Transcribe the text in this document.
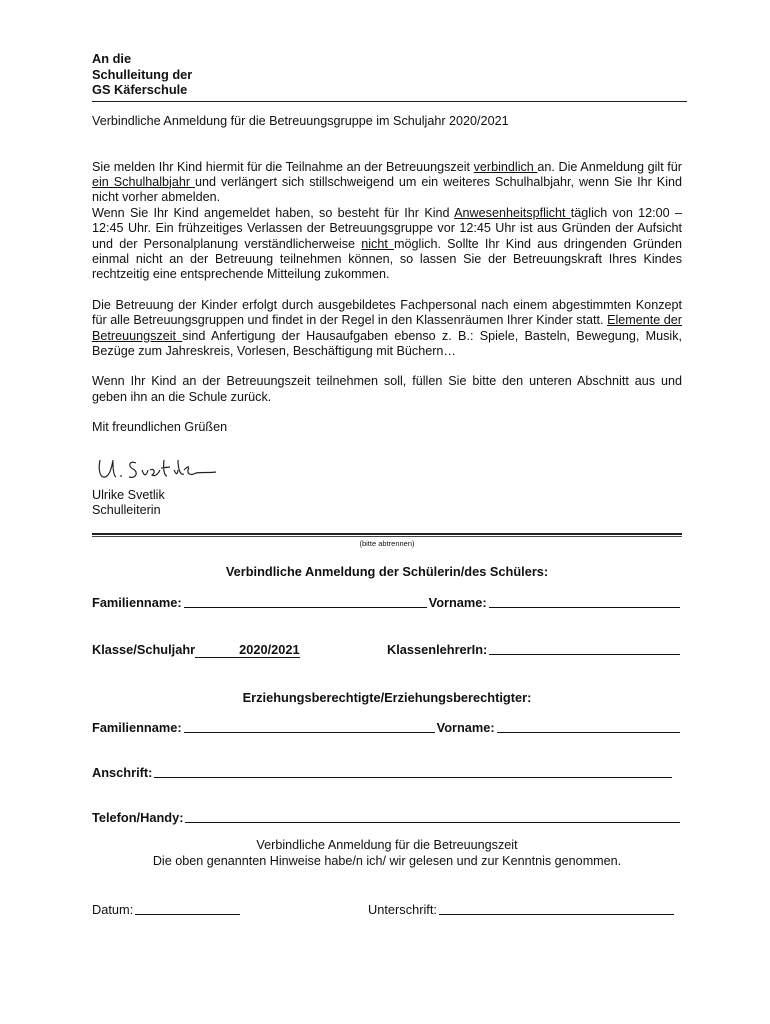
An die
Schulleitung der
GS Käferschule
Verbindliche Anmeldung für die Betreuungsgruppe im Schuljahr 2020/2021

Sie melden Ihr Kind hiermit für die Teilnahme an der Betreuungszeit verbindlich an. Die Anmeldung gilt für ein Schulhalbjahr und verlängert sich stillschweigend um ein weiteres Schulhalbjahr, wenn Sie Ihr Kind nicht vorher abmelden.

Wenn Sie Ihr Kind angemeldet haben, so besteht für Ihr Kind Anwesenheitspflicht täglich von 12:00 – 12:45 Uhr. Ein frühzeitiges Verlassen der Betreuungsgruppe vor 12:45 Uhr ist aus Gründen der Aufsicht und der Personalplanung verständlicherweise nicht möglich. Sollte Ihr Kind aus dringenden Gründen einmal nicht an der Betreuung teilnehmen können, so lassen Sie der Betreuungskraft Ihres Kindes rechtzeitig eine entsprechende Mitteilung zukommen.

Die Betreuung der Kinder erfolgt durch ausgebildetes Fachpersonal nach einem abgestimmten Konzept für alle Betreuungsgruppen und findet in der Regel in den Klassenräumen Ihrer Kinder statt. Elemente der Betreuungszeit sind Anfertigung der Hausaufgaben ebenso z. B.: Spiele, Basteln, Bewegung, Musik, Bezüge zum Jahreskreis, Vorlesen, Beschäftigung mit Büchern…

Wenn Ihr Kind an der Betreuungszeit teilnehmen soll, füllen Sie bitte den unteren Abschnitt aus und geben ihn an die Schule zurück.

Mit freundlichen Grüßen

Ulrike Svetlik
Schulleiterin
(bitte abtrennen)
Verbindliche Anmeldung der Schülerin/des Schülers:
Familienname:	Vorname:
Klasse/Schuljahr	2020/2021	KlassenlehrerIn:
Erziehungsberechtigte/Erziehungsberechtigter:
Familienname:	Vorname:
Anschrift:
Telefon/Handy:
Verbindliche Anmeldung für die Betreuungszeit
Die oben genannten Hinweise habe/n ich/ wir gelesen und zur Kenntnis genommen.
Datum:	Unterschrift:
